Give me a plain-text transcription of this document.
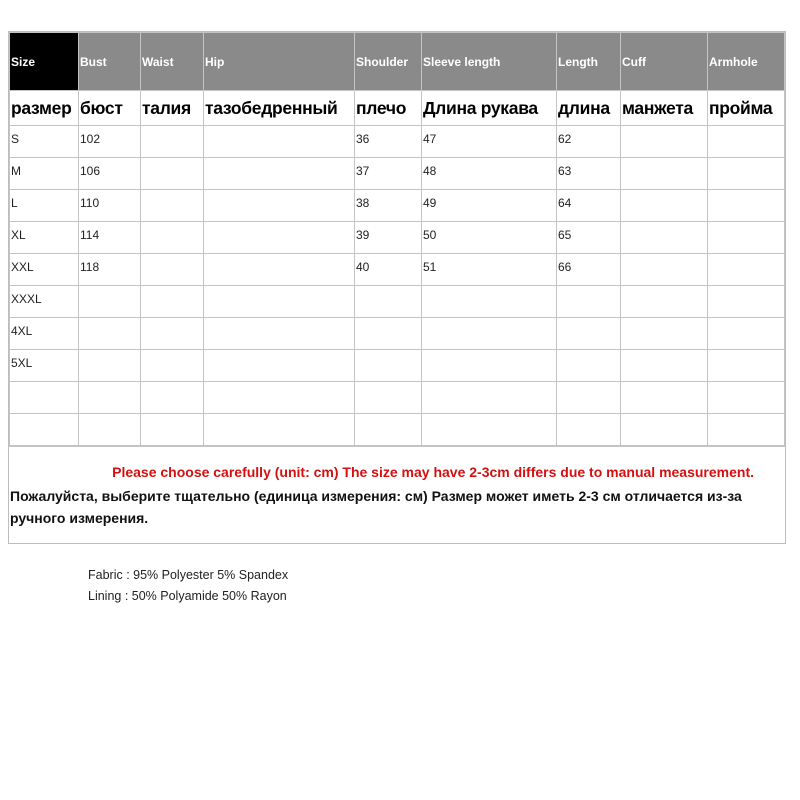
Size	Bust	Waist	Hip	Shoulder	Sleeve length	Length	Cuff	Armhole
размер	бюст	талия	тазобедренный	плечо	Длина рукава	длина	манжета	пройма
S	102			36	47	62		
M	106			37	48	63		
L	110			38	49	64		
XL	114			39	50	65		
XXL	118			40	51	66		
XXXL								
4XL								
5XL								

Please choose carefully (unit: cm) The size may have 2-3cm differs due to manual measurement.
Пожалуйста, выберите тщательно (единица измерения: см) Размер может иметь 2-3 см отличается из-за ручного измерения.
Fabric : 95% Polyester 5% Spandex
Lining : 50% Polyamide 50% Rayon
